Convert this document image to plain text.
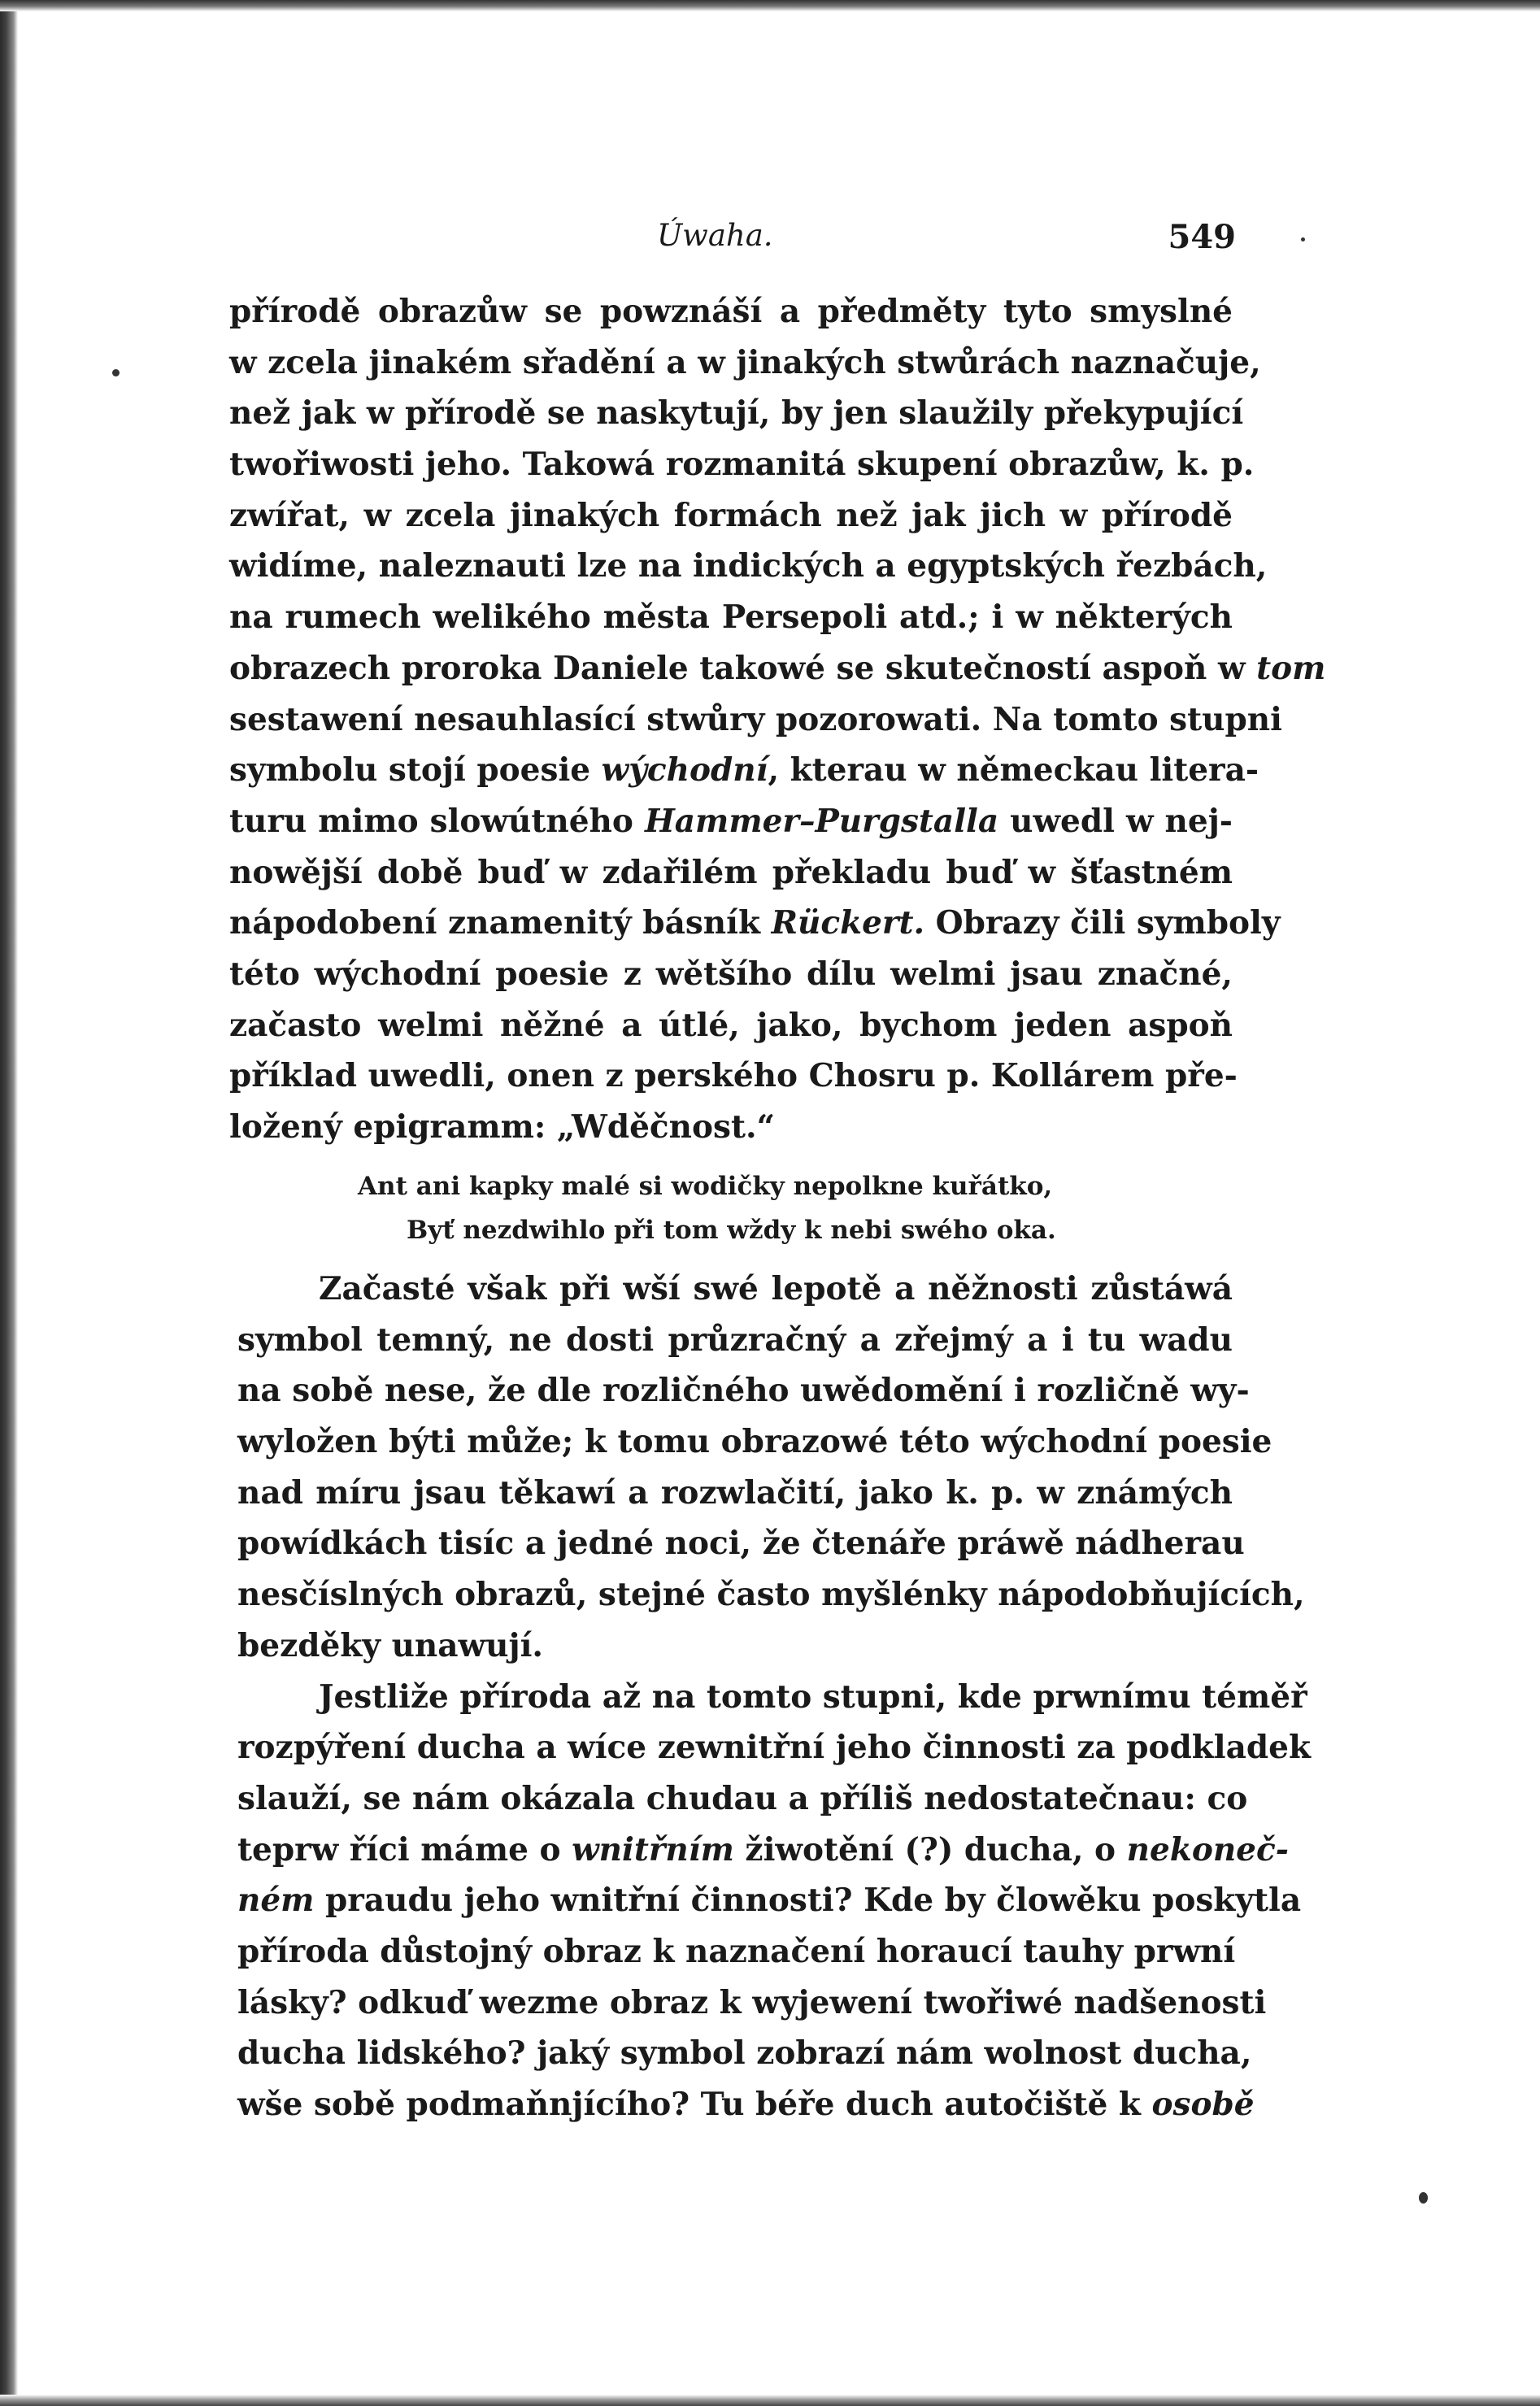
Úwaha.	549
přírodě obrazůw se powznáší a předměty tyto smyslné
w zcela jinakém sřadění a w jinakých stwůrách naznačuje,
než jak w přírodě se naskytují, by jen slaužily překypující
twořiwosti jeho. Takowá rozmanitá skupení obrazůw, k. p.
zwířat, w zcela jinakých formách než jak jich w přírodě
widíme, naleznauti lze na indických a egyptských řezbách,
na rumech welikého města Persepoli atd.; i w některých
obrazech proroka Daniele takowé se skutečností aspoň w tom
sestawení nesauhlasící stwůry pozorowati. Na tomto stupni
symbolu stojí poesie wýchodní, kterau w německau litera-
turu mimo slowútného Hammer–Purgstalla uwedl w nej-
nowější době buď w zdařilém překladu buď w šťastném
nápodobení znamenitý básník Rückert. Obrazy čili symboly
této wýchodní poesie z wětšího dílu welmi jsau značné,
začasto welmi něžné a útlé, jako, bychom jeden aspoň
příklad uwedli, onen z perského Chosru p. Kollárem pře-
ložený epigramm: „Wděčnost.“
Ant ani kapky malé si wodičky nepolkne kuřátko,
Byť nezdwihlo při tom wždy k nebi swého oka.
Začasté však při wší swé lepotě a něžnosti zůstáwá
symbol temný, ne dosti průzračný a zřejmý a i tu wadu
na sobě nese, že dle rozličného uwědomění i rozličně wy-
wyložen býti může; k tomu obrazowé této wýchodní poesie
nad míru jsau těkawí a rozwlačití, jako k. p. w známých
powídkách tisíc a jedné noci, že čtenáře práwě nádherau
nesčíslných obrazů, stejné často myšlénky nápodobňujících,
bezděky unawují.
Jestliže příroda až na tomto stupni, kde prwnímu téměř
rozpýření ducha a wíce zewnitřní jeho činnosti za podkladek
slauží, se nám okázala chudau a příliš nedostatečnau: co
teprw říci máme o wnitřním žiwotění (?) ducha, o nekoneč-
ném praudu jeho wnitřní činnosti? Kde by člowěku poskytla
příroda důstojný obraz k naznačení horaucí tauhy prwní
lásky? odkuď wezme obraz k wyjewení twořiwé nadšenosti
ducha lidského? jaký symbol zobrazí nám wolnost ducha,
wše sobě podmaňnjícího? Tu béře duch autočiště k osobě
